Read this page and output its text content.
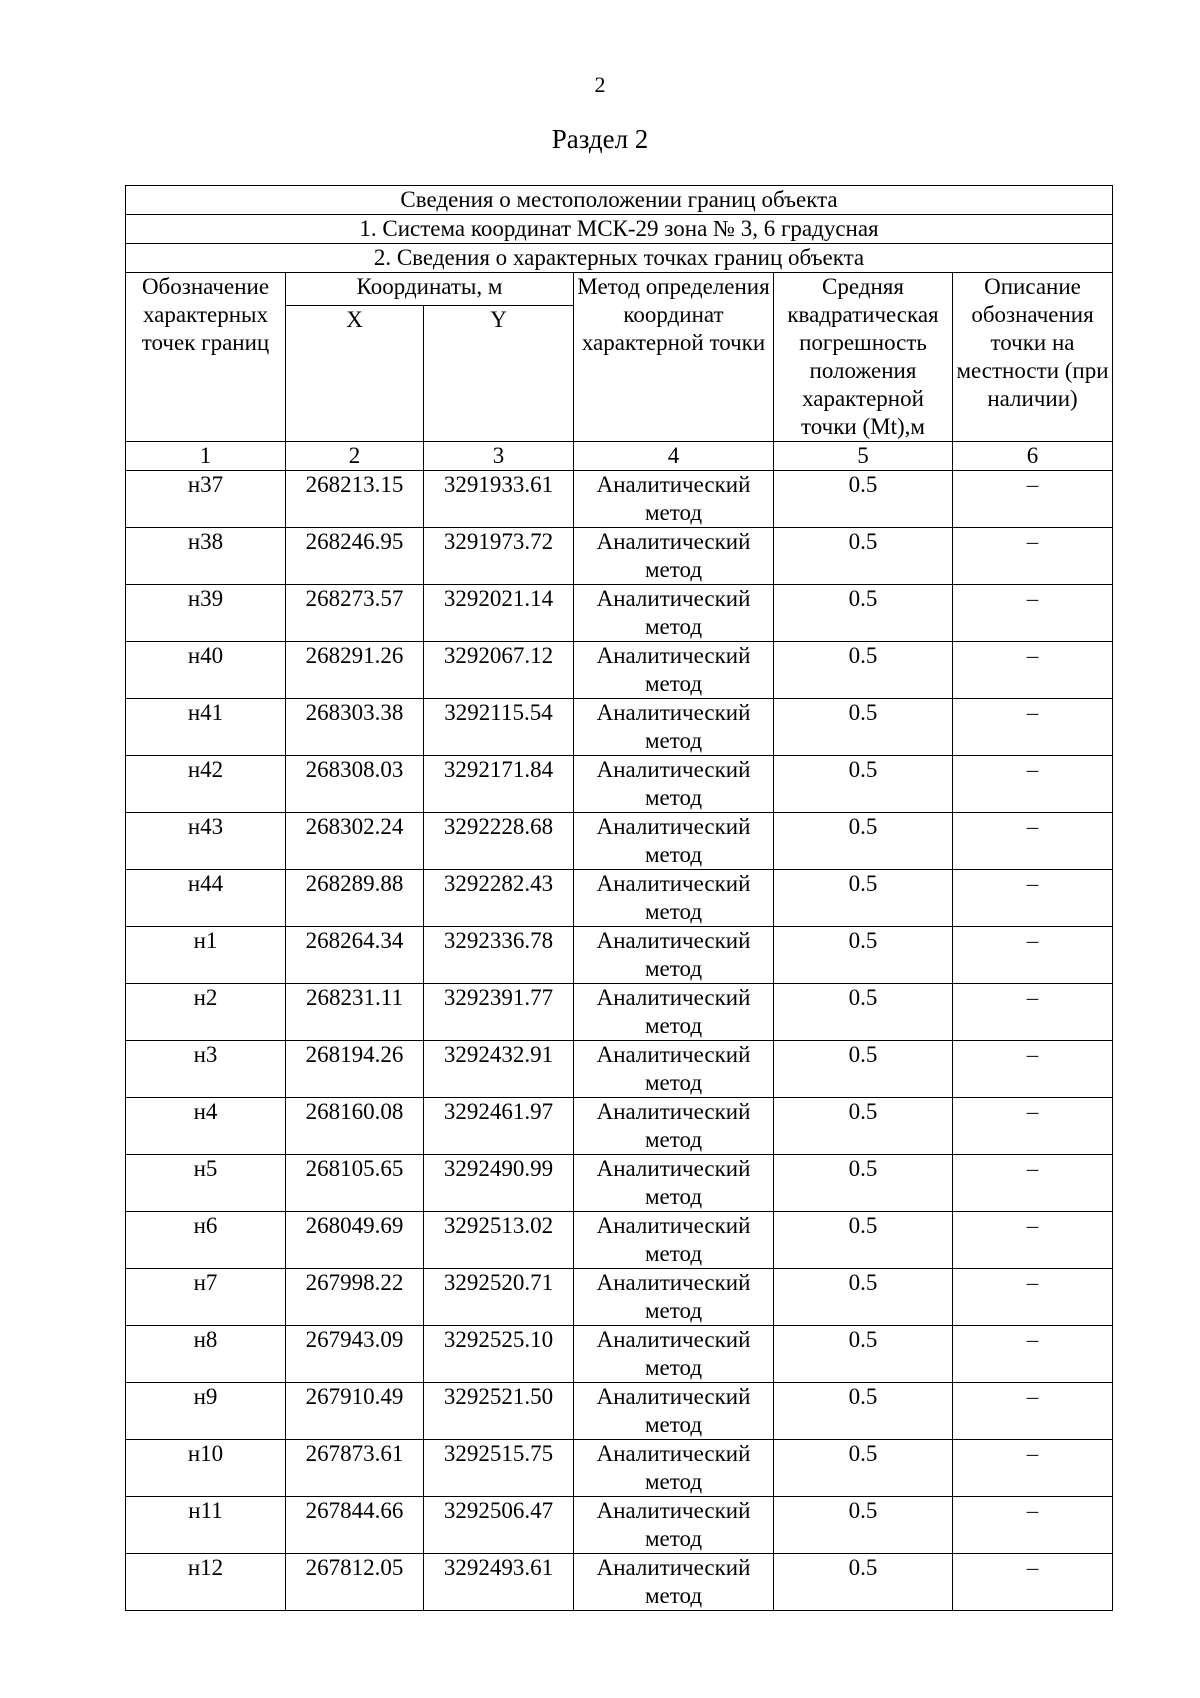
2
Раздел 2
Сведения о местоположении границ объекта					
1. Система координат МСК-29 зона № 3, 6 градусная					
2. Сведения о характерных точках границ объекта					
Обозначение характерных точек границ	Координаты, м		Метод определения координат характерной точки	Средняя квадратическая погрешность положения характерной точки (Mt),м	Описание обозначения точки на местности (при наличии)
	X	Y			
1	2	3	4	5	6
н37	268213.15	3291933.61	Аналитический метод	0.5	–
н38	268246.95	3291973.72	Аналитический метод	0.5	–
н39	268273.57	3292021.14	Аналитический метод	0.5	–
н40	268291.26	3292067.12	Аналитический метод	0.5	–
н41	268303.38	3292115.54	Аналитический метод	0.5	–
н42	268308.03	3292171.84	Аналитический метод	0.5	–
н43	268302.24	3292228.68	Аналитический метод	0.5	–
н44	268289.88	3292282.43	Аналитический метод	0.5	–
н1	268264.34	3292336.78	Аналитический метод	0.5	–
н2	268231.11	3292391.77	Аналитический метод	0.5	–
н3	268194.26	3292432.91	Аналитический метод	0.5	–
н4	268160.08	3292461.97	Аналитический метод	0.5	–
н5	268105.65	3292490.99	Аналитический метод	0.5	–
н6	268049.69	3292513.02	Аналитический метод	0.5	–
н7	267998.22	3292520.71	Аналитический метод	0.5	–
н8	267943.09	3292525.10	Аналитический метод	0.5	–
н9	267910.49	3292521.50	Аналитический метод	0.5	–
н10	267873.61	3292515.75	Аналитический метод	0.5	–
н11	267844.66	3292506.47	Аналитический метод	0.5	–
н12	267812.05	3292493.61	Аналитический метод	0.5	–
